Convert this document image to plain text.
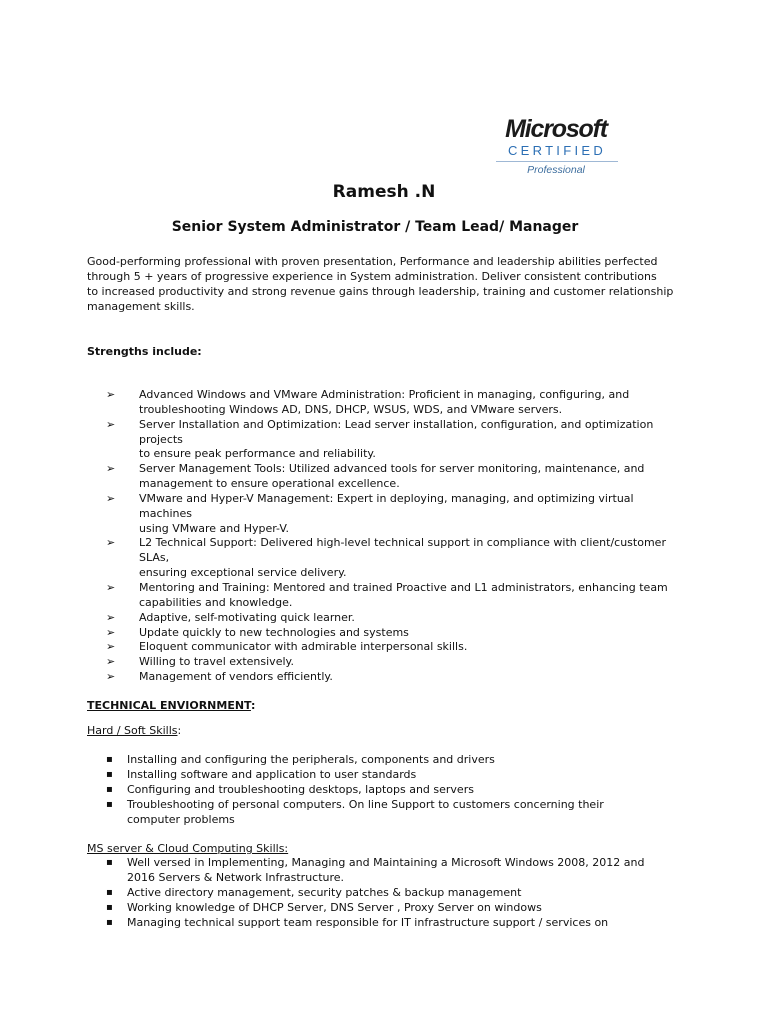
Microsoft
CERTIFIED
Professional
Ramesh .N
Senior System Administrator / Team Lead/ Manager
Good-performing professional with proven presentation, Performance and leadership abilities perfected
through 5 + years of progressive experience in System administration. Deliver consistent contributions
to increased productivity and strong revenue gains through leadership, training and customer relationship
management skills.
Strengths include:
➢ Advanced Windows and VMware Administration: Proficient in managing, configuring, and
troubleshooting Windows AD, DNS, DHCP, WSUS, WDS, and VMware servers.
➢ Server Installation and Optimization: Lead server installation, configuration, and optimization
projects
to ensure peak performance and reliability.
➢ Server Management Tools: Utilized advanced tools for server monitoring, maintenance, and
management to ensure operational excellence.
➢ VMware and Hyper-V Management: Expert in deploying, managing, and optimizing virtual
machines
using VMware and Hyper-V.
➢ L2 Technical Support: Delivered high-level technical support in compliance with client/customer
SLAs,
ensuring exceptional service delivery.
➢ Mentoring and Training: Mentored and trained Proactive and L1 administrators, enhancing team
capabilities and knowledge.
➢ Adaptive, self-motivating quick learner.
➢ Update quickly to new technologies and systems
➢ Eloquent communicator with admirable interpersonal skills.
➢ Willing to travel extensively.
➢ Management of vendors efficiently.
TECHNICAL ENVIORNMENT:
Hard / Soft Skills:
▪ Installing and configuring the peripherals, components and drivers
▪ Installing software and application to user standards
▪ Configuring and troubleshooting desktops, laptops and servers
▪ Troubleshooting of personal computers. On line Support to customers concerning their
computer problems
MS server & Cloud Computing Skills:
▪ Well versed in Implementing, Managing and Maintaining a Microsoft Windows 2008, 2012 and
2016 Servers & Network Infrastructure.
▪ Active directory management, security patches & backup management
▪ Working knowledge of DHCP Server, DNS Server , Proxy Server on windows
▪ Managing technical support team responsible for IT infrastructure support / services on
